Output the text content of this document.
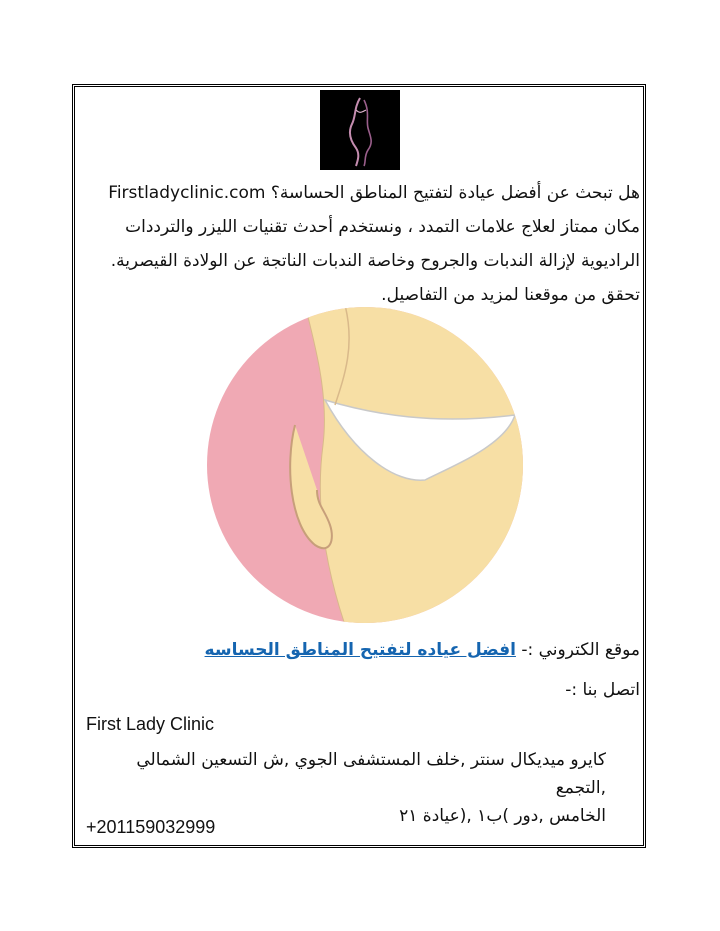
هل تبحث عن أفضل عيادة لتفتيح المناطق الحساسة؟ Firstladyclinic.com

مكان ممتاز لعلاج علامات التمدد ، ونستخدم أحدث تقنيات الليزر والترددات

الراديوية لإزالة الندبات والجروح وخاصة الندبات الناتجة عن الولادة القيصرية.

تحقق من موقعنا لمزيد من التفاصيل.

موقع الكتروني :- افضل عياده لتفتيح المناطق الحساسه
اتصل بنا :-
First Lady Clinic

كايرو ميديكال سنتر ,خلف المستشفى الجوي ,ش التسعين الشمالي ,التجمع

الخامس ,دور )ب١ ,(عيادة ٢١

+201159032999
